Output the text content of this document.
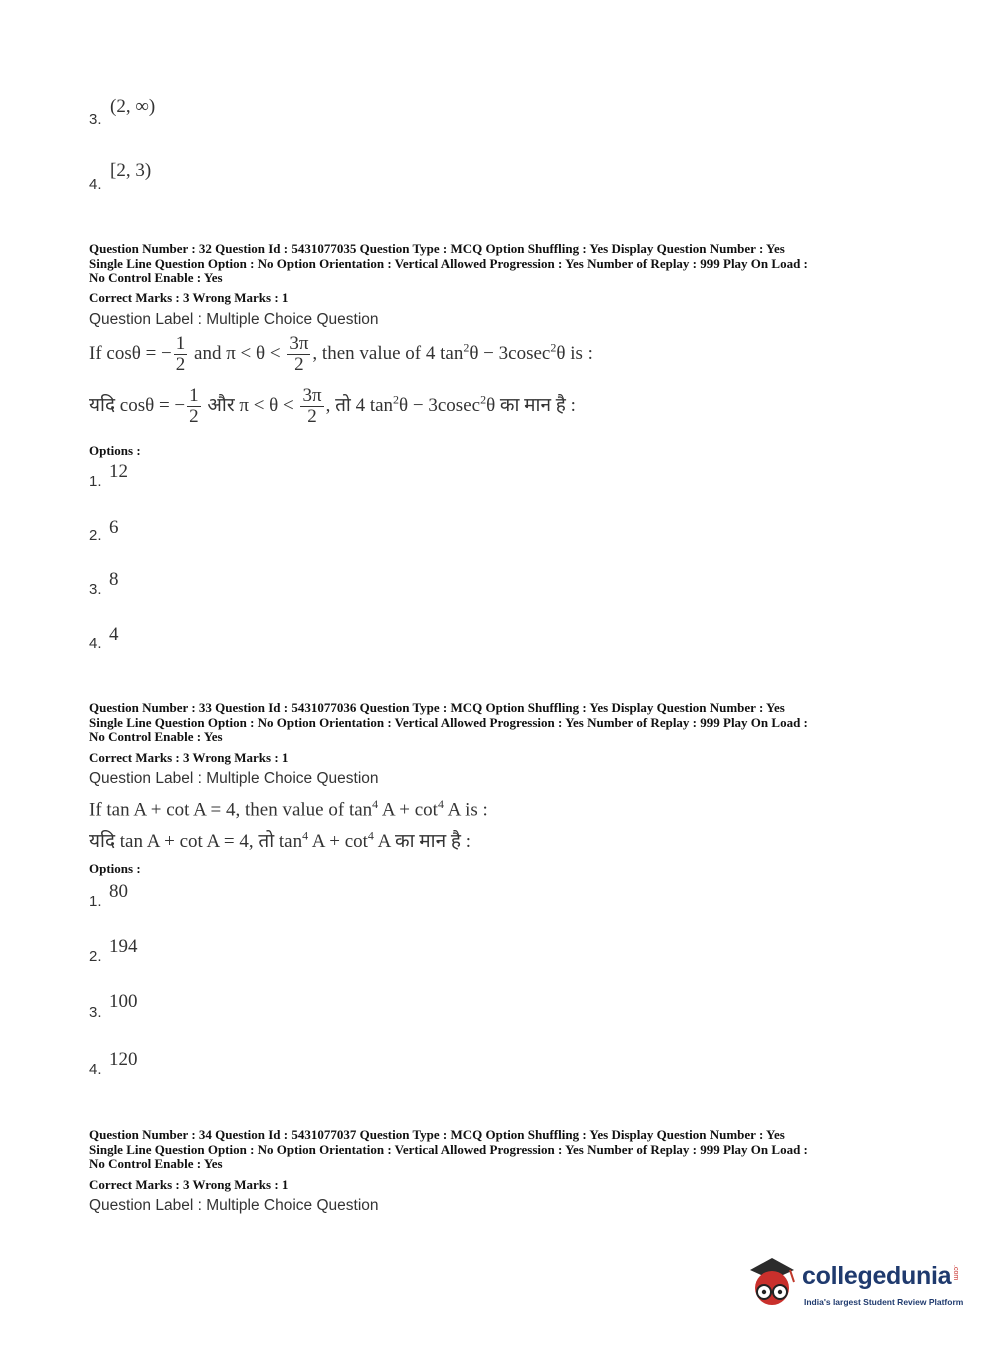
3.
(2, ∞)
4.
[2, 3)
Question Number : 32 Question Id : 5431077035 Question Type : MCQ Option Shuffling : Yes Display Question Number : Yes
Single Line Question Option : No Option Orientation : Vertical Allowed Progression : Yes Number of Replay : 999 Play On Load :
No Control Enable : Yes
Correct Marks : 3 Wrong Marks : 1
Question Label : Multiple Choice Question
If cosθ = − $\frac{1}{2}$ and $\pi < \theta < \frac{3\pi}{2}$ , then value of 4 $\tan^2\theta - 3cosec^2\theta$ is :
यदि cosθ = − $\frac{1}{2}$ और $\pi < \theta < \frac{3\pi}{2}$ , तो 4 $\tan^2\theta - 3cosec^2\theta$ का मान है :
Options :
1. 12
2. 6
3. 8
4. 4
Question Number : 33 Question Id : 5431077036 Question Type : MCQ Option Shuffling : Yes Display Question Number : Yes
Single Line Question Option : No Option Orientation : Vertical Allowed Progression : Yes Number of Replay : 999 Play On Load :
No Control Enable : Yes
Correct Marks : 3 Wrong Marks : 1
Question Label : Multiple Choice Question
If tan A + cot A = 4, then value of $\tan^4 A + \cot^4 A$ is :
यदि tan A + cot A = 4, तो $\tan^4 A + \cot^4 A$ का मान है :
Options :
1. 80
2. 194
3.
100
4. 120
Question Number : 34 Question Id : 5431077037 Question Type : MCQ Option Shuffling : Yes Display Question Number : Yes
Single Line Question Option : No Option Orientation : Vertical Allowed Progression : Yes Number of Replay : 999 Play On Load :
No Control Enable : Yes
Correct Marks : 3 Wrong Marks : 1
Question Label : Multiple Choice Question
collegedunia .com
India's largest Student Review Platform
